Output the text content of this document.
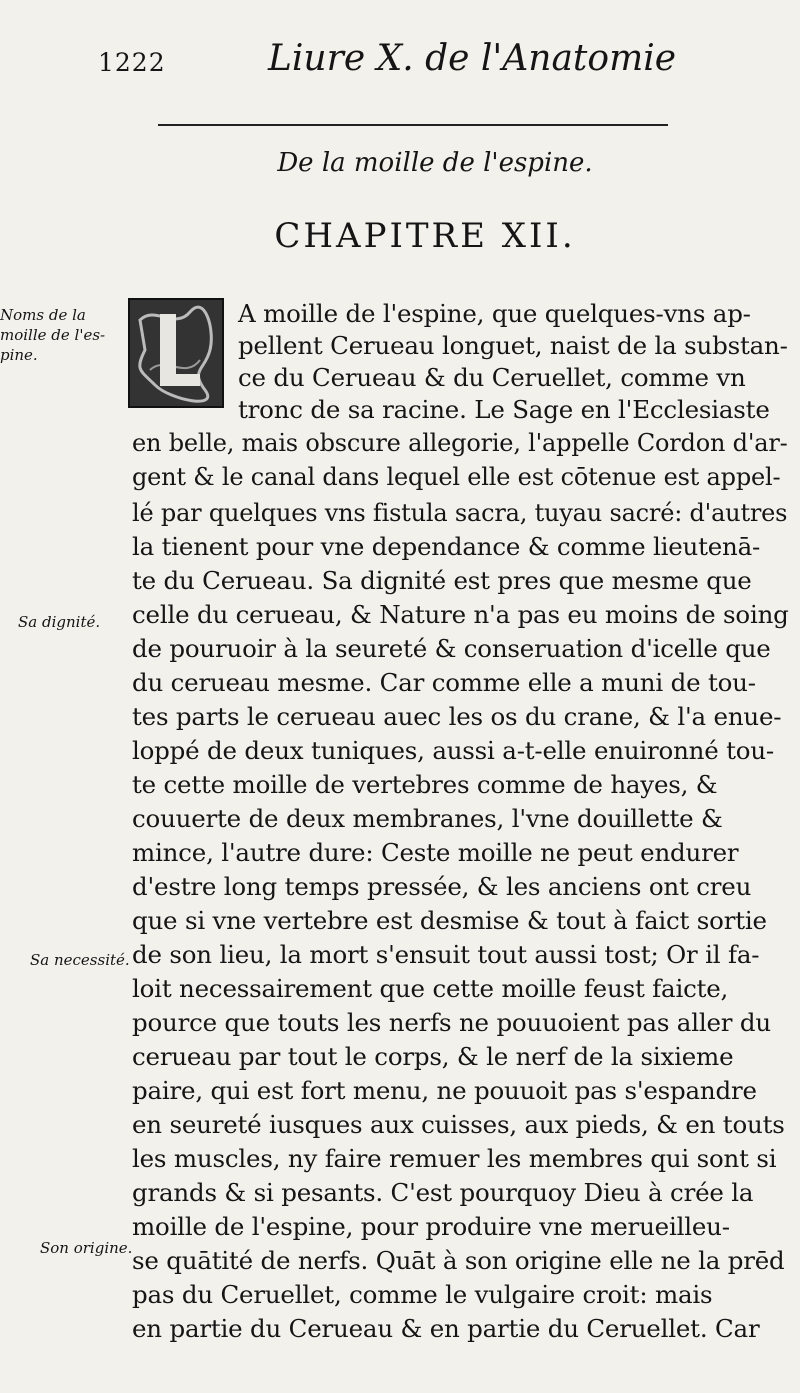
1222	Liure X. de l'Anatomie
De la moille de l'espine.
CHAPITRE XII.
Noms de la moille de l'es-pine.
Sa dignité.
Sa necessité.
Son origine.
A moille de l'espine, que quelques-vns ap-
pellent Cerueau longuet, naist de la substan-
ce du Cerueau & du Ceruellet, comme vn
tronc de sa racine. Le Sage en l'Ecclesiaste
en belle, mais obscure allegorie, l'appelle Cordon d'ar-
gent & le canal dans lequel elle est cōtenue est appel-
lé par quelques vns fistula sacra, tuyau sacré: d'autres
la tienent pour vne dependance & comme lieutenā-
te du Cerueau. Sa dignité est pres que mesme que
celle du cerueau, & Nature n'a pas eu moins de soing
de pouruoir à la seureté & conseruation d'icelle que
du cerueau mesme. Car comme elle a muni de tou-
tes parts le cerueau auec les os du crane, & l'a enue-
loppé de deux tuniques, aussi a-t-elle enuironné tou-
te cette moille de vertebres comme de hayes, &
couuerte de deux membranes, l'vne douillette &
mince, l'autre dure: Ceste moille ne peut endurer
d'estre long temps pressée, & les anciens ont creu
que si vne vertebre est desmise & tout à faict sortie
de son lieu, la mort s'ensuit tout aussi tost; Or il fa-
loit necessairement que cette moille feust faicte,
pource que touts les nerfs ne pouuoient pas aller du
cerueau par tout le corps, & le nerf de la sixieme
paire, qui est fort menu, ne pouuoit pas s'espandre
en seureté iusques aux cuisses, aux pieds, & en touts
les muscles, ny faire remuer les membres qui sont si
grands & si pesants. C'est pourquoy Dieu à crée la
moille de l'espine, pour produire vne merueilleu-
se quātité de nerfs. Quāt à son origine elle ne la prēd
pas du Ceruellet, comme le vulgaire croit: mais
en partie du Cerueau & en partie du Ceruellet. Car
